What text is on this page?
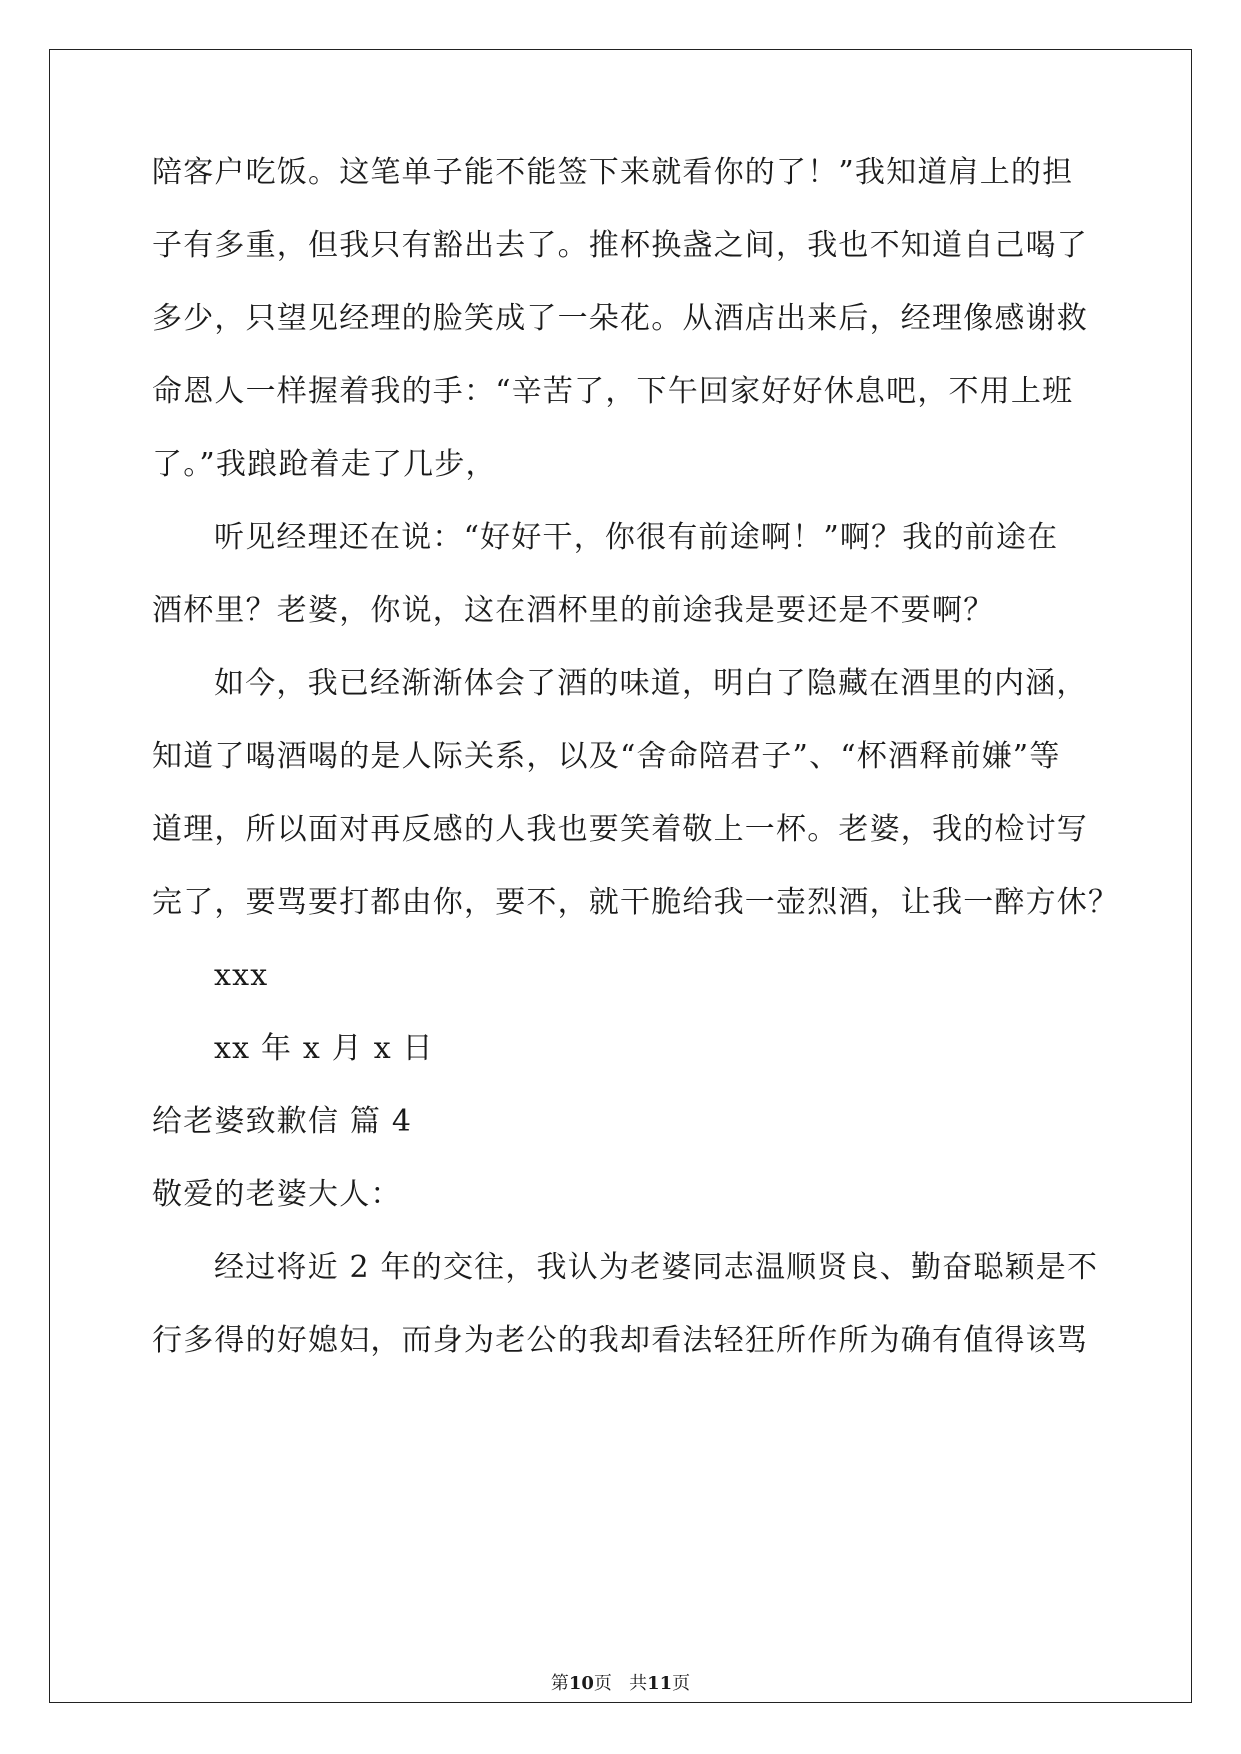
陪客户吃饭。这笔单子能不能签下来就看你的了！”我知道肩上的担
子有多重，但我只有豁出去了。推杯换盏之间，我也不知道自己喝了
多少，只望见经理的脸笑成了一朵花。从酒店出来后，经理像感谢救
命恩人一样握着我的手：“辛苦了，下午回家好好休息吧，不用上班
了。”我踉跄着走了几步，
听见经理还在说：“好好干，你很有前途啊！”啊？我的前途在
酒杯里？老婆，你说，这在酒杯里的前途我是要还是不要啊？
如今，我已经渐渐体会了酒的味道，明白了隐藏在酒里的内涵，
知道了喝酒喝的是人际关系，以及“舍命陪君子”、“杯酒释前嫌”等
道理，所以面对再反感的人我也要笑着敬上一杯。老婆，我的检讨写
完了，要骂要打都由你，要不，就干脆给我一壶烈酒，让我一醉方休？
xxx
xx 年 x 月 x 日
给老婆致歉信 篇 4
敬爱的老婆大人：
经过将近 2 年的交往，我认为老婆同志温顺贤良、勤奋聪颖是不
行多得的好媳妇，而身为老公的我却看法轻狂所作所为确有值得该骂
第10页 共11页
